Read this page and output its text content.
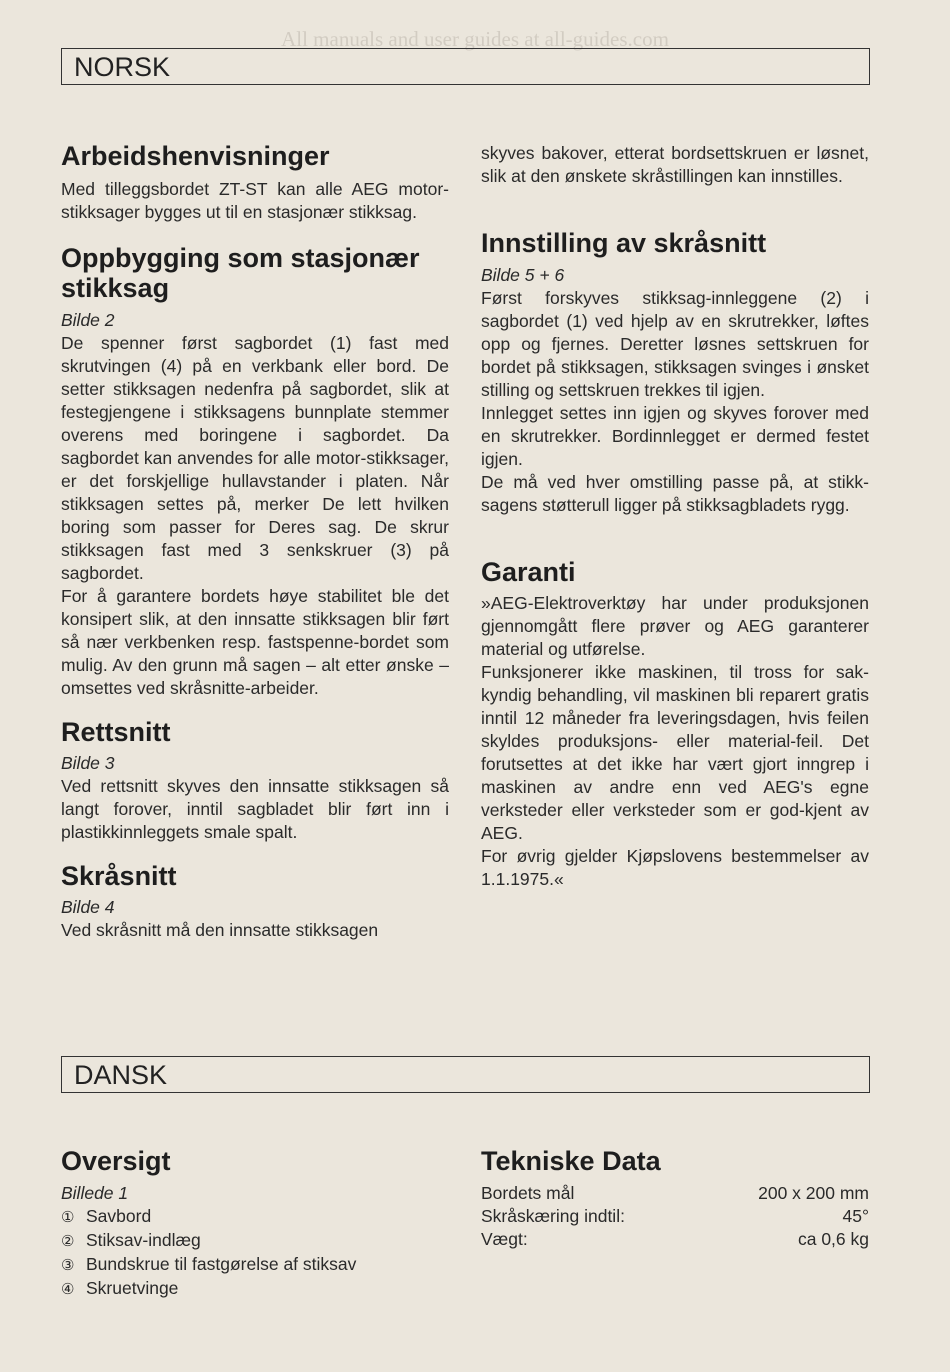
All manuals and user guides at all-guides.com
NORSK
Arbeidshenvisninger

Med tilleggsbordet ZT-ST kan alle AEG motor-stikksager bygges ut til en stasjonær stikksag.

Oppbygging som stasjonær stikksag
Bilde 2

De spenner først sagbordet (1) fast med skrutvingen (4) på en verkbank eller bord. De setter stikksagen nedenfra på sagbordet, slik at festegjengene i stikksagens bunnplate stemmer overens med boringene i sagbordet. Da sagbordet kan anvendes for alle motor-stikksager, er det forskjellige hullavstander i platen. Når stikksagen settes på, merker De lett hvilken boring som passer for Deres sag. De skrur stikksagen fast med 3 senkskruer (3) på sagbordet.

For å garantere bordets høye stabilitet ble det konsipert slik, at den innsatte stikksagen blir ført så nær verkbenken resp. fastspenne-bordet som mulig. Av den grunn må sagen – alt etter ønske – omsettes ved skråsnitte-arbeider.

Rettsnitt
Bilde 3

Ved rettsnitt skyves den innsatte stikksagen så langt forover, inntil sagbladet blir ført inn i plastikkinnleggets smale spalt.

Skråsnitt
Bilde 4

Ved skråsnitt må den innsatte stikksagen

skyves bakover, etterat bordsettskruen er løsnet, slik at den ønskete skråstillingen kan innstilles.

Innstilling av skråsnitt
Bilde 5 + 6

Først forskyves stikksag-innleggene (2) i sagbordet (1) ved hjelp av en skrutrekker, løftes opp og fjernes. Deretter løsnes settskruen for bordet på stikksagen, stikksagen svinges i ønsket stilling og settskruen trekkes til igjen.

Innlegget settes inn igjen og skyves forover med en skrutrekker. Bordinnlegget er dermed festet igjen.

De må ved hver omstilling passe på, at stikk-sagens støtterull ligger på stikksagbladets rygg.

Garanti

»AEG-Elektroverktøy har under produksjonen gjennomgått flere prøver og AEG garanterer material og utførelse.

Funksjonerer ikke maskinen, til tross for sak-kyndig behandling, vil maskinen bli reparert gratis inntil 12 måneder fra leveringsdagen, hvis feilen skyldes produksjons- eller material-feil. Det forutsettes at det ikke har vært gjort inngrep i maskinen av andre enn ved AEG's egne verksteder eller verksteder som er god-kjent av AEG.

For øvrig gjelder Kjøpslovens bestemmelser av 1.1.1975.«

DANSK
Oversigt
Billede 1
① Savbord
② Stiksav-indlæg
③ Bundskrue til fastgørelse af stiksav
④ Skruetvinge
Tekniske Data
Bordets mål	200 x 200 mm
Skråskæring indtil:	45°
Vægt:	ca 0,6 kg
